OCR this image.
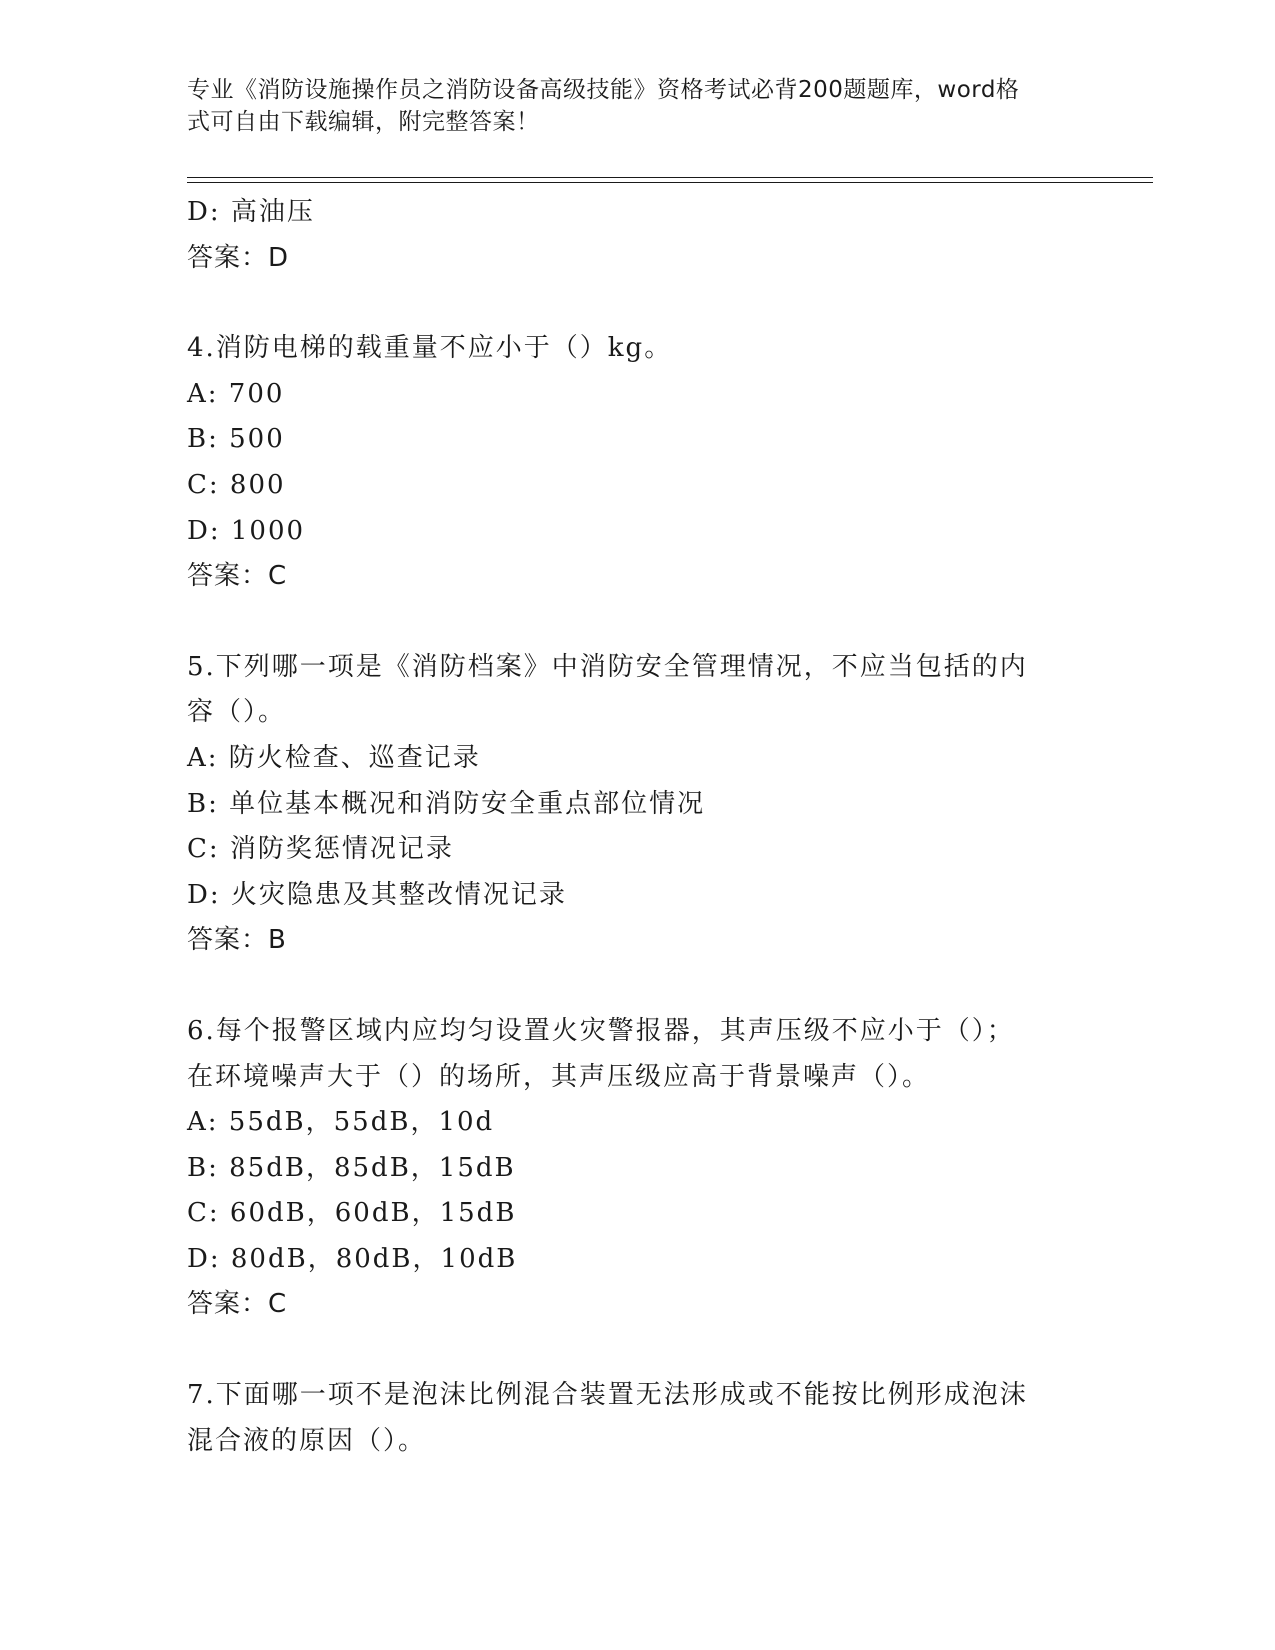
专业《消防设施操作员之消防设备高级技能》资格考试必背200题题库，word格
式可自由下载编辑，附完整答案！
D: 高油压
答案：D
4.消防电梯的载重量不应小于（）kg。
A: 700
B: 500
C: 800
D: 1000
答案：C
5.下列哪一项是《消防档案》中消防安全管理情况，不应当包括的内
容（）。
A: 防火检查、巡查记录
B: 单位基本概况和消防安全重点部位情况
C: 消防奖惩情况记录
D: 火灾隐患及其整改情况记录
答案：B
6.每个报警区域内应均匀设置火灾警报器，其声压级不应小于（）；
在环境噪声大于（）的场所，其声压级应高于背景噪声（）。
A: 55dB，55dB，10d
B: 85dB，85dB，15dB
C: 60dB，60dB，15dB
D: 80dB，80dB，10dB
答案：C
7.下面哪一项不是泡沫比例混合装置无法形成或不能按比例形成泡沫
混合液的原因（）。
